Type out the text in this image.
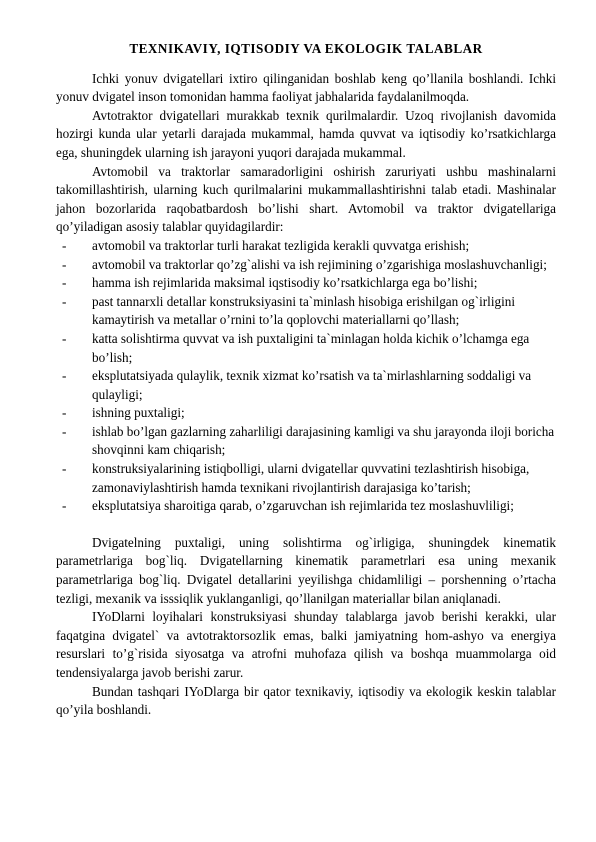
TEXNIKAVIY, IQTISODIY VA EKOLOGIK TALABLAR

Ichki yonuv dvigatellari ixtiro qilinganidan boshlab keng qo’llanila boshlandi. Ichki yonuv dvigatel inson tomonidan hamma faoliyat jabhalarida faydalanilmoqda.

Avtotraktor dvigatellari murakkab texnik qurilmalardir. Uzoq rivojlanish davomida hozirgi kunda ular yetarli darajada mukammal, hamda quvvat va iqtisodiy ko’rsatkichlarga ega, shuningdek ularning ish jarayoni yuqori darajada mukammal.

Avtomobil va traktorlar samaradorligini oshirish zaruriyati ushbu mashinalarni takomillashtirish, ularning kuch qurilmalarini mukammallashtirishni talab etadi. Mashinalar jahon bozorlarida raqobatbardosh bo’lishi shart. Avtomobil va traktor dvigatellariga qo’yiladigan asosiy talablar quyidagilardir:

- avtomobil va traktorlar turli harakat tezligida kerakli quvvatga erishish;
- avtomobil va traktorlar qo’zg`alishi va ish rejimining o’zgarishiga moslashuvchanligi;
- hamma ish rejimlarida maksimal iqstisodiy ko’rsatkichlarga ega bo’lishi;
- past tannarxli detallar konstruksiyasini ta`minlash hisobiga erishilgan og`irligini kamaytirish va metallar o’rnini to’la qoplovchi materiallarni qo’llash;
- katta solishtirma quvvat va ish puxtaligini ta`minlagan holda kichik o’lchamga ega bo’lish;
- eksplutatsiyada qulaylik, texnik xizmat ko’rsatish va ta`mirlashlarning soddaligi va qulayligi;
- ishning puxtaligi;
- ishlab bo’lgan gazlarning zaharliligi darajasining kamligi va shu jarayonda iloji boricha shovqinni kam chiqarish;
- konstruksiyalarining istiqbolligi, ularni dvigatellar quvvatini tezlashtirish hisobiga, zamonaviylashtirish hamda texnikani rivojlantirish darajasiga ko’tarish;
- eksplutatsiya sharoitiga qarab, o’zgaruvchan ish rejimlarida tez moslashuvliligi;

Dvigatelning puxtaligi, uning solishtirma og`irligiga, shuningdek kinematik parametrlariga bog`liq. Dvigatellarning kinematik parametrlari esa uning mexanik parametrlariga bog`liq. Dvigatel detallarini yeyilishga chidamliligi – porshenning o’rtacha tezligi, mexanik va isssiqlik yuklanganligi, qo’llanilgan materiallar bilan aniqlanadi.

IYoDlarni loyihalari konstruksiyasi shunday talablarga javob berishi kerakki, ular faqatgina dvigatel` va avtotraktorsozlik emas, balki jamiyatning hom-ashyo va energiya resurslari to’g`risida siyosatga va atrofni muhofaza qilish va boshqa muammolarga oid tendensiyalarga javob berishi zarur.

Bundan tashqari IYoDlarga bir qator texnikaviy, iqtisodiy va ekologik keskin talablar qo’yila boshlandi.
